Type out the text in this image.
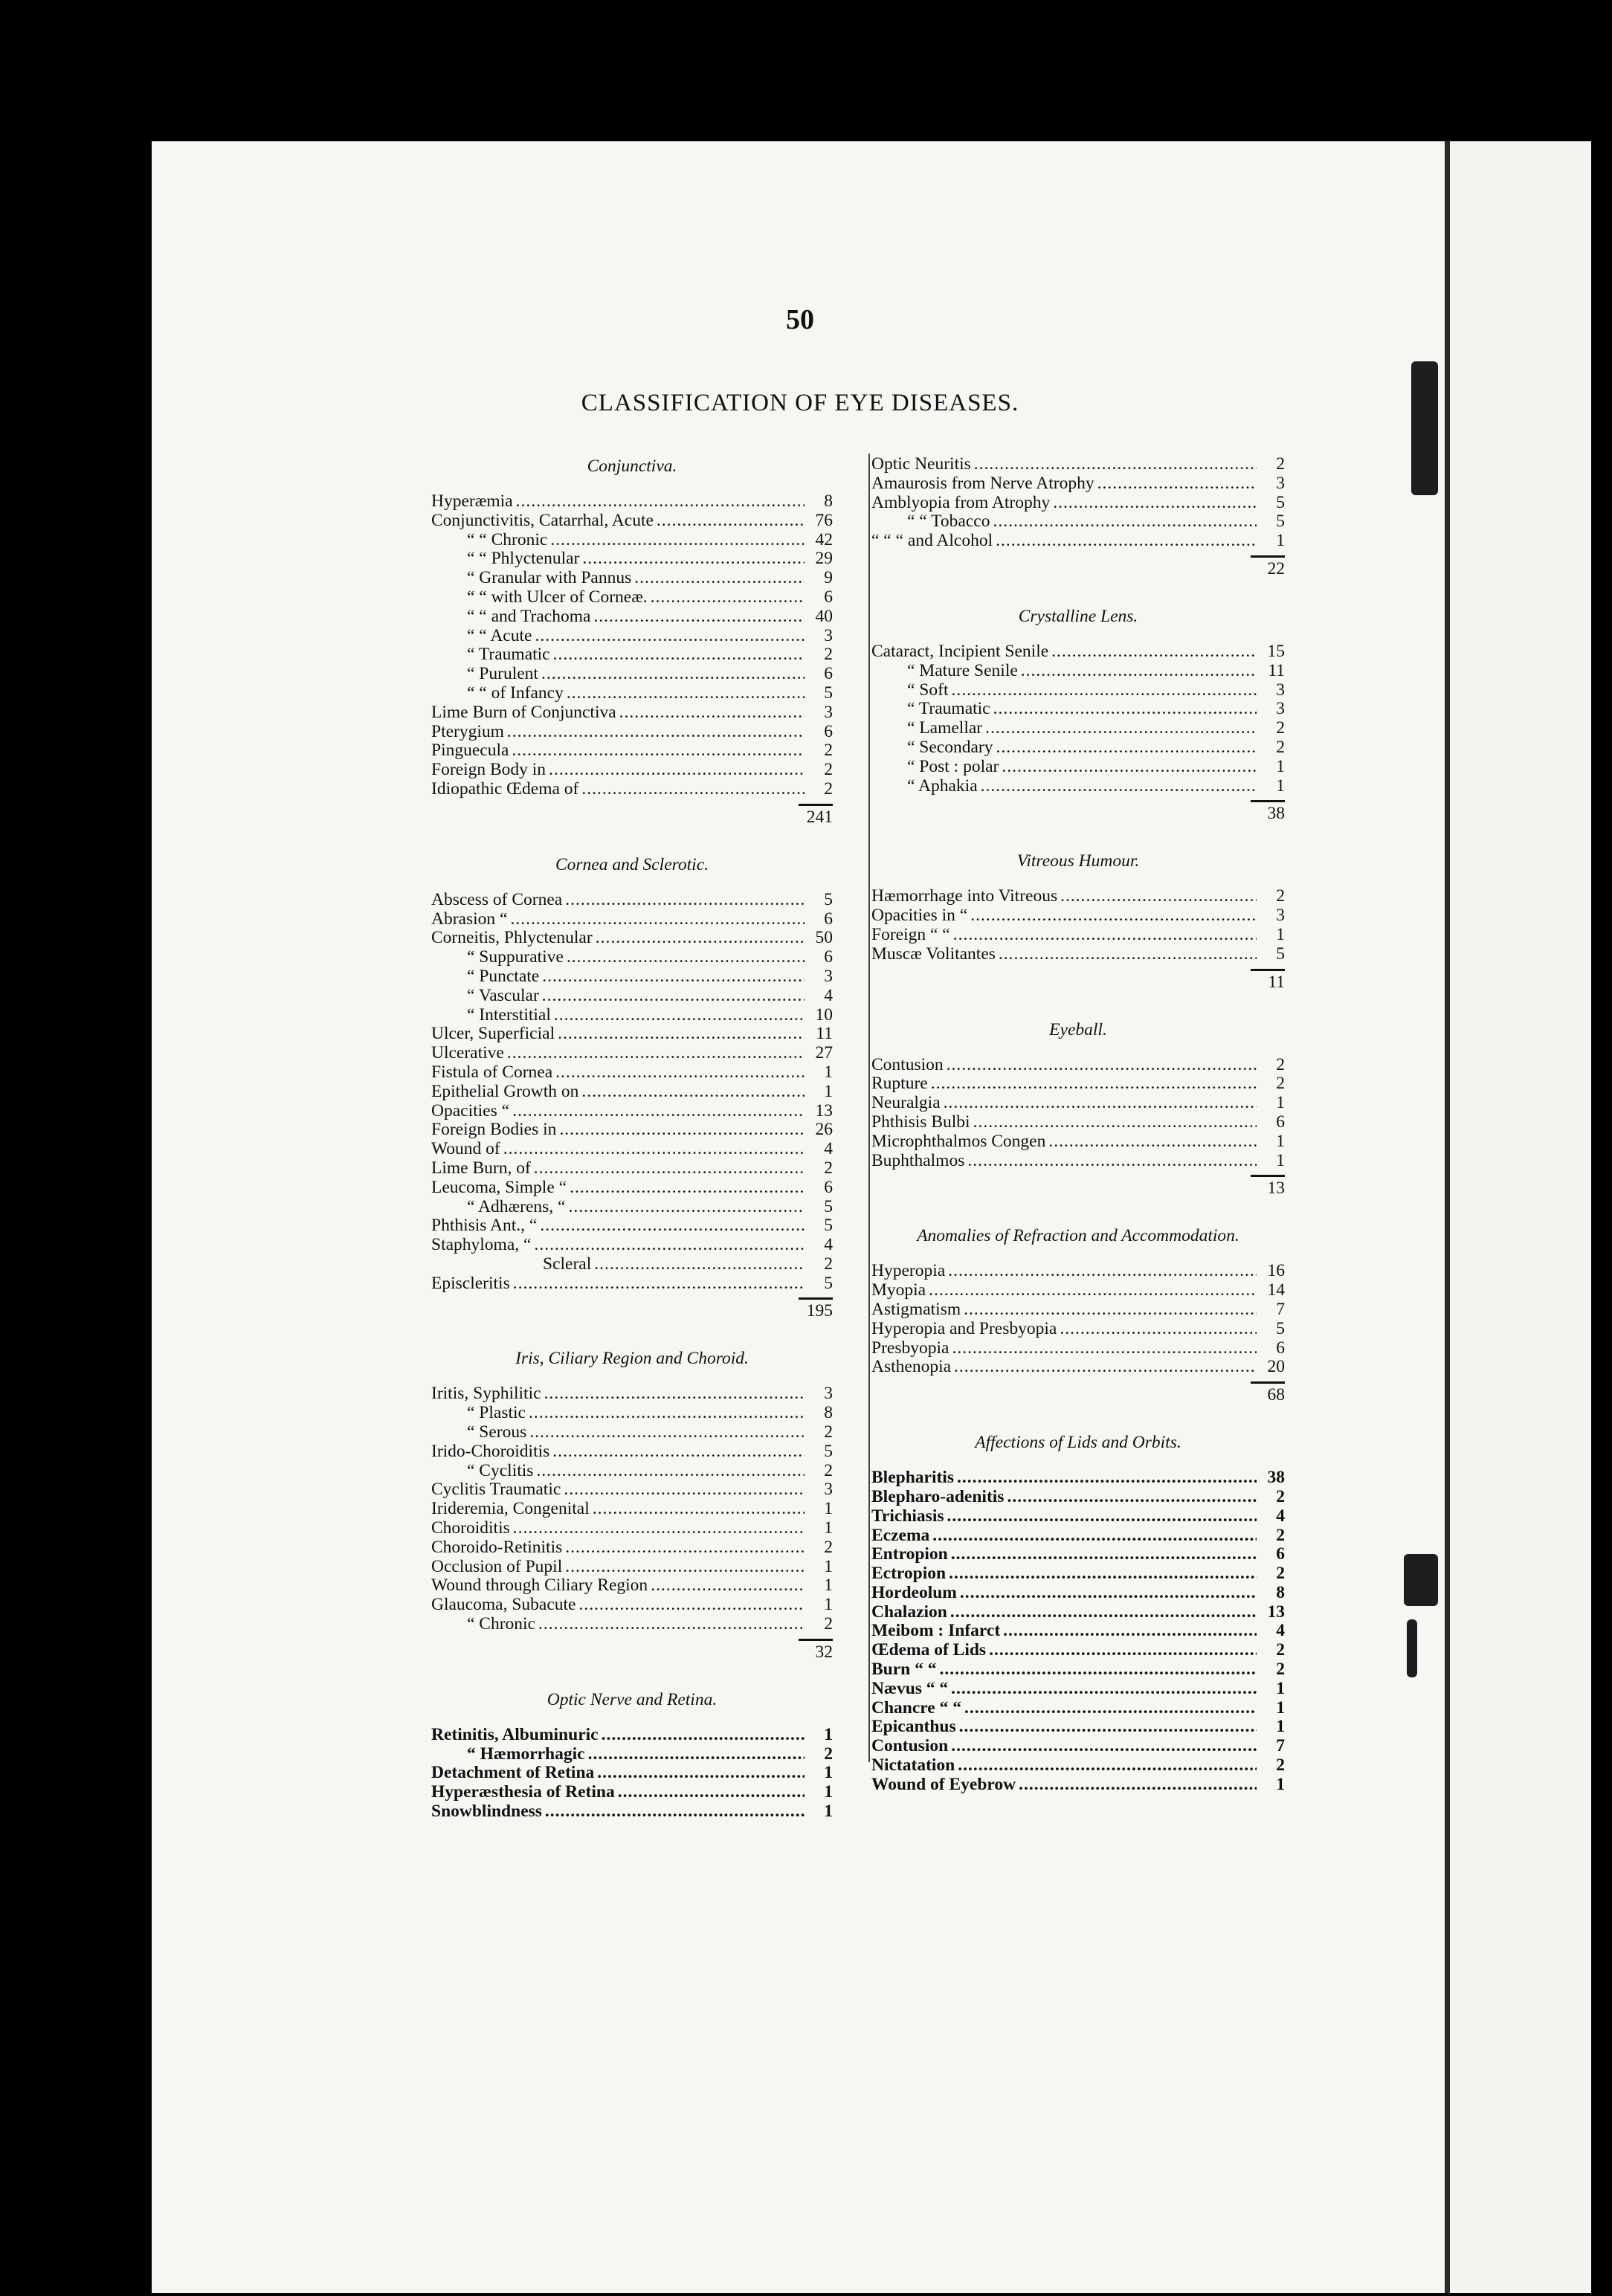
50
CLASSIFICATION OF EYE DISEASES.
Conjunctiva.
Hyperæmia .....	8
Conjunctivitis, Catarrhal, Acute .....	76
“ “ Chronic .....	42
“ “ Phlyctenular .....	29
“ Granular with Pannus .....	9
“ “ with Ulcer of Corneæ. .....	6
“ “ and Trachoma .....	40
“ “ Acute .....	3
“ Traumatic .....	2
“ Purulent .....	6
“ “ of Infancy .....	5
Lime Burn of Conjunctiva .....	3
Pterygium .....	6
Pinguecula .....	2
Foreign Body in .....	2
Idiopathic Œdema of .....	2
241
Cornea and Sclerotic.
Abscess of Cornea .....	5
Abrasion “ .....	6
Corneitis, Phlyctenular .....	50
“ Suppurative .....	6
“ Punctate .....	3
“ Vascular .....	4
“ Interstitial .....	10
Ulcer, Superficial .....	11
Ulcerative .....	27
Fistula of Cornea .....	1
Epithelial Growth on .....	1
Opacities “ .....	13
Foreign Bodies in .....	26
Wound of .....	4
Lime Burn, of .....	2
Leucoma, Simple “ .....	6
“ Adhærens, “ .....	5
Phthisis Ant., “ .....	5
Staphyloma, “ .....	4
Scleral .....	2
Episcleritis .....	5
195
Iris, Ciliary Region and Choroid.
Iritis, Syphilitic .....	3
“ Plastic .....	8
“ Serous .....	2
Irido-Choroiditis .....	5
“ Cyclitis .....	2
Cyclitis Traumatic .....	3
Irideremia, Congenital .....	1
Choroiditis .....	1
Choroido-Retinitis .....	2
Occlusion of Pupil .....	1
Wound through Ciliary Region .....	1
Glaucoma, Subacute .....	1
“ Chronic .....	2
32
Optic Nerve and Retina.
Retinitis, Albuminuric .....	1
“ Hæmorrhagic .....	2
Detachment of Retina .....	1
Hyperæsthesia of Retina .....	1
Snowblindness .....	1
Optic Neuritis .....	2
Amaurosis from Nerve Atrophy .....	3
Amblyopia from Atrophy .....	5
“ “ Tobacco .....	5
“ “ “ and Alcohol .....	1
22
Crystalline Lens.
Cataract, Incipient Senile .....	15
“ Mature Senile .....	11
“ Soft .....	3
“ Traumatic .....	3
“ Lamellar .....	2
“ Secondary .....	2
“ Post : polar .....	1
“ Aphakia .....	1
38
Vitreous Humour.
Hæmorrhage into Vitreous .....	2
Opacities in “ .....	3
Foreign “ “ .....	1
Muscæ Volitantes .....	5
11
Eyeball.
Contusion .....	2
Rupture .....	2
Neuralgia .....	1
Phthisis Bulbi .....	6
Microphthalmos Congen .....	1
Buphthalmos .....	1
13
Anomalies of Refraction and Accommodation.
Hyperopia .....	16
Myopia .....	14
Astigmatism .....	7
Hyperopia and Presbyopia .....	5
Presbyopia .....	6
Asthenopia .....	20
68
Affections of Lids and Orbits.
Blepharitis .....	38
Blepharo-adenitis .....	2
Trichiasis .....	4
Eczema .....	2
Entropion .....	6
Ectropion .....	2
Hordeolum .....	8
Chalazion .....	13
Meibom : Infarct .....	4
Œdema of Lids .....	2
Burn “ “ .....	2
Nævus “ “ .....	1
Chancre “ “ .....	1
Epicanthus .....	1
Contusion .....	7
Nictatation .....	2
Wound of Eyebrow .....	1
